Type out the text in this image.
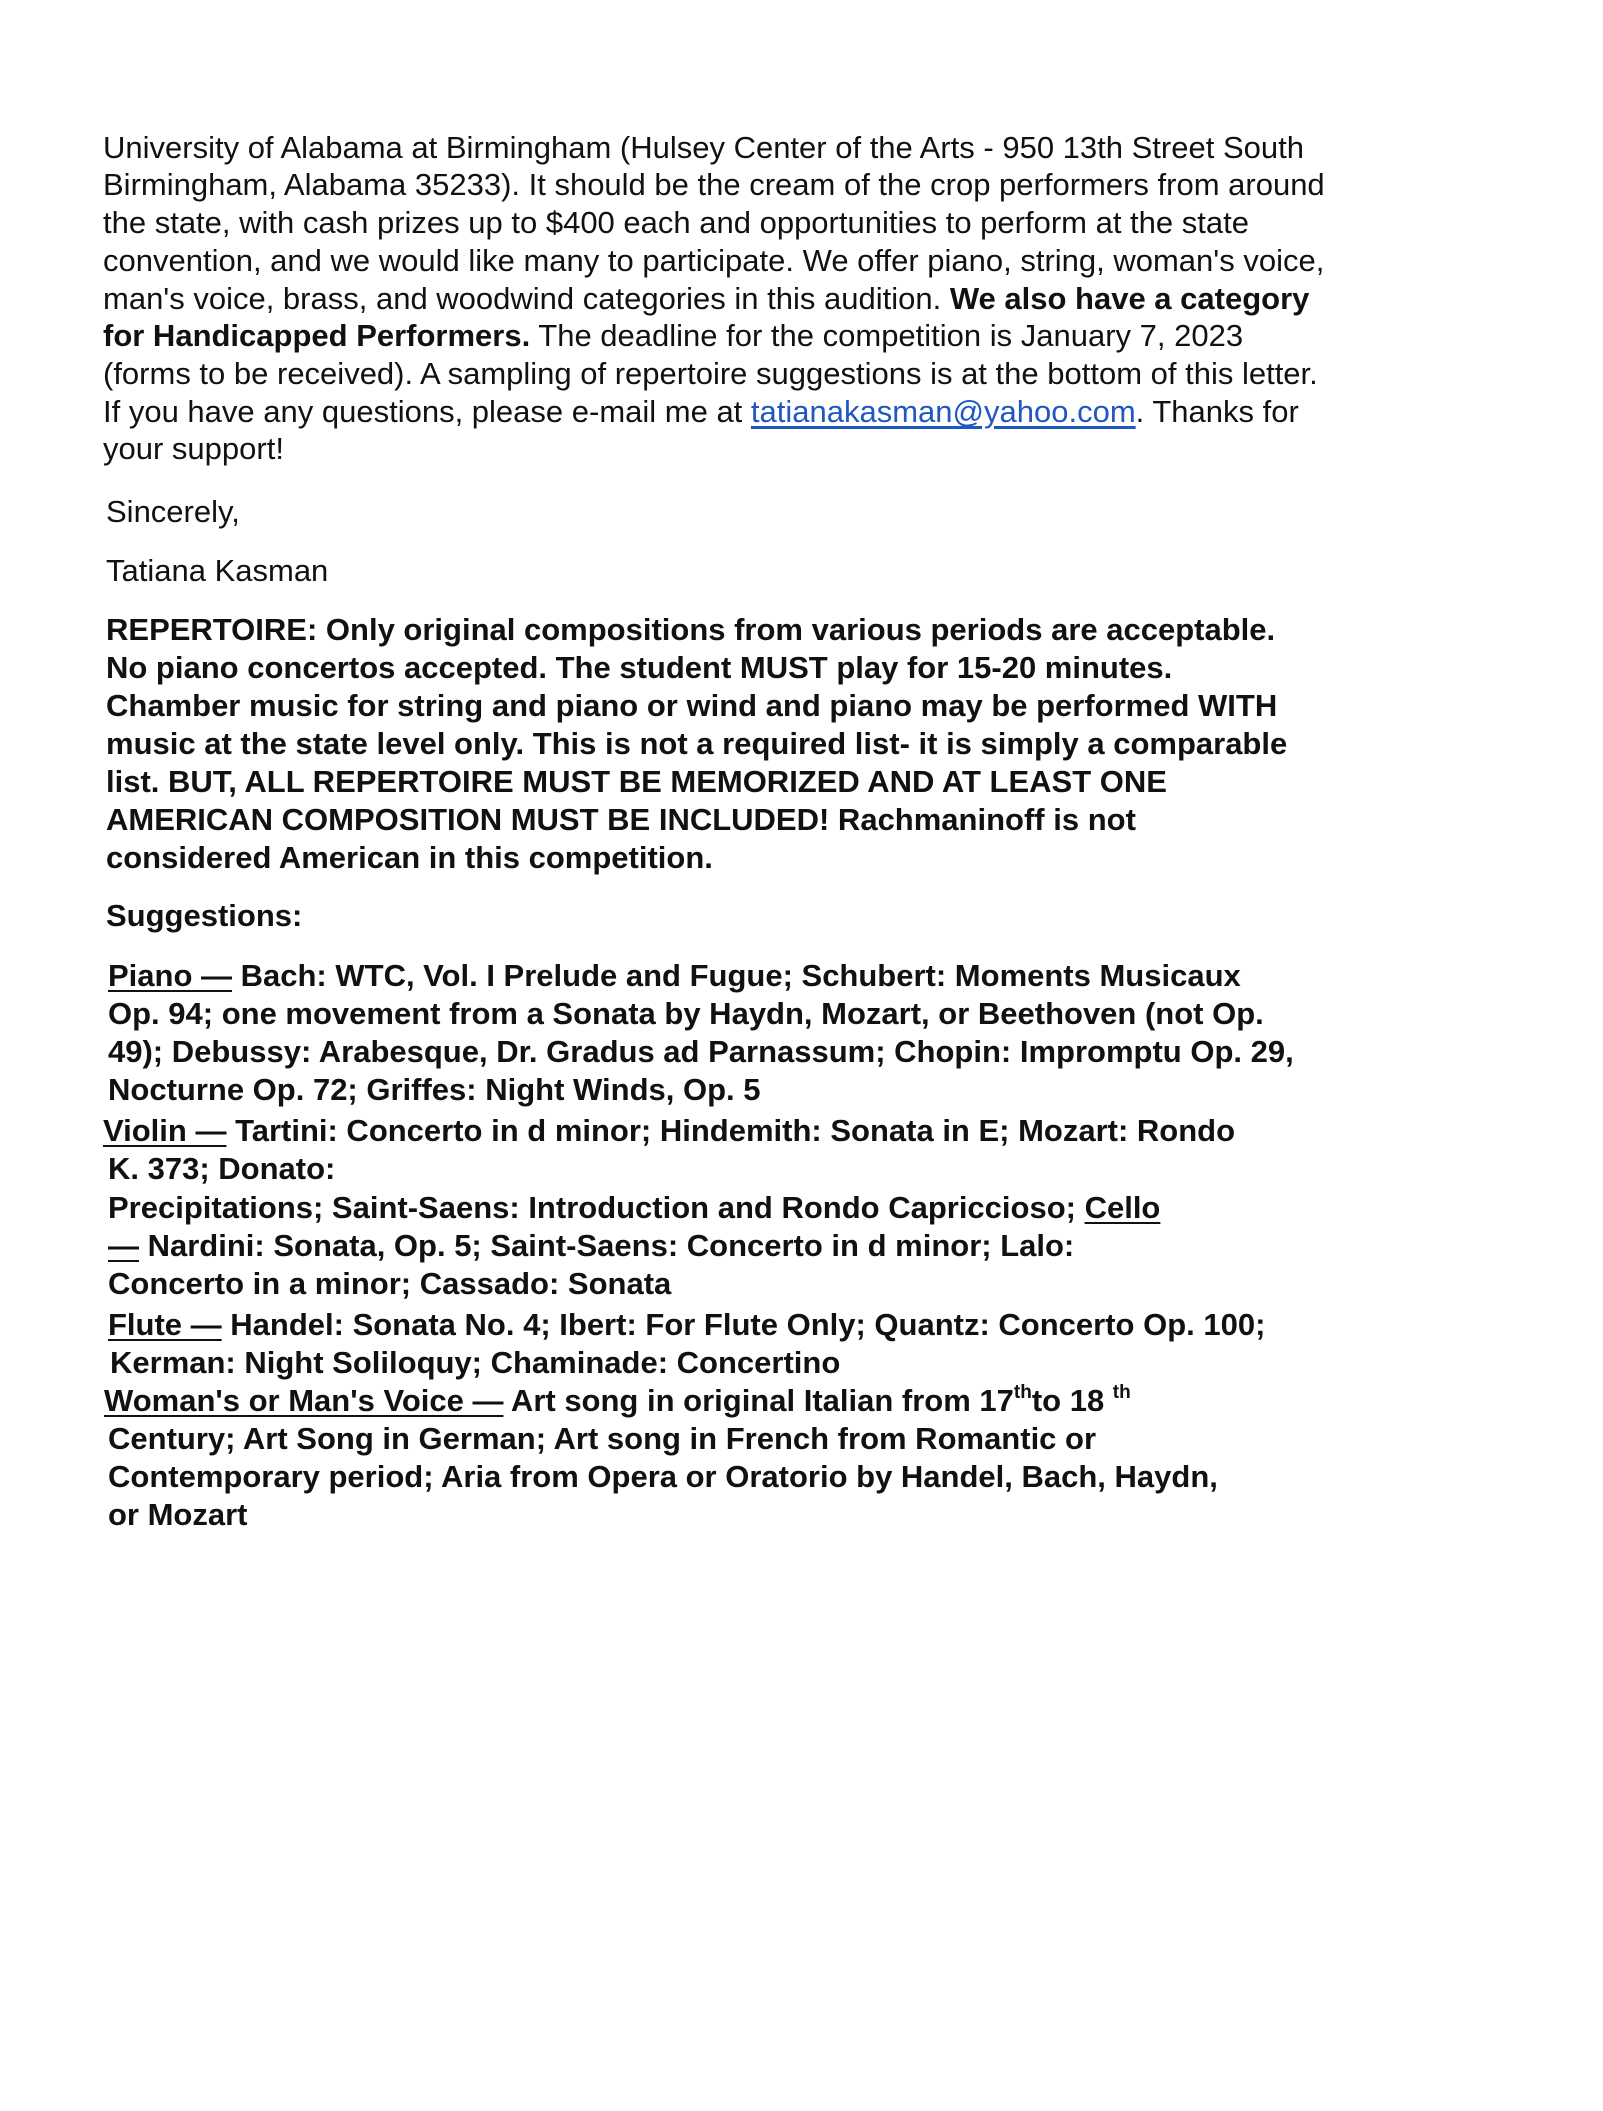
University of Alabama at Birmingham (Hulsey Center of the Arts - 950 13th Street South
Birmingham, Alabama 35233). It should be the cream of the crop performers from around
the state, with cash prizes up to $400 each and opportunities to perform at the state
convention, and we would like many to participate. We offer piano, string, woman's voice,
man's voice, brass, and woodwind categories in this audition. We also have a category
for Handicapped Performers. The deadline for the competition is January 7, 2023
(forms to be received). A sampling of repertoire suggestions is at the bottom of this letter.
If you have any questions, please e-mail me at tatianakasman@yahoo.com. Thanks for
your support!
Sincerely,
Tatiana Kasman
REPERTOIRE: Only original compositions from various periods are acceptable.
No piano concertos accepted. The student MUST play for 15-20 minutes.
Chamber music for string and piano or wind and piano may be performed WITH
music at the state level only. This is not a required list- it is simply a comparable
list. BUT, ALL REPERTOIRE MUST BE MEMORIZED AND AT LEAST ONE
AMERICAN COMPOSITION MUST BE INCLUDED! Rachmaninoff is not
considered American in this competition.
Suggestions:
Piano — Bach: WTC, Vol. I Prelude and Fugue; Schubert: Moments Musicaux
Op. 94; one movement from a Sonata by Haydn, Mozart, or Beethoven (not Op.
49); Debussy: Arabesque, Dr. Gradus ad Parnassum; Chopin: Impromptu Op. 29,
Nocturne Op. 72; Griffes: Night Winds, Op. 5
Violin — Tartini: Concerto in d minor; Hindemith: Sonata in E; Mozart: Rondo
K. 373; Donato:
Precipitations; Saint-Saens: Introduction and Rondo Capriccioso; Cello
— Nardini: Sonata, Op. 5; Saint-Saens: Concerto in d minor; Lalo:
Concerto in a minor; Cassado: Sonata
Flute — Handel: Sonata No. 4; Ibert: For Flute Only; Quantz: Concerto Op. 100;
Kerman: Night Soliloquy; Chaminade: Concertino
Woman's or Man's Voice — Art song in original Italian from 17thto 18 $^{th}$
Century; Art Song in German; Art song in French from Romantic or
Contemporary period; Aria from Opera or Oratorio by Handel, Bach, Haydn,
or Mozart
